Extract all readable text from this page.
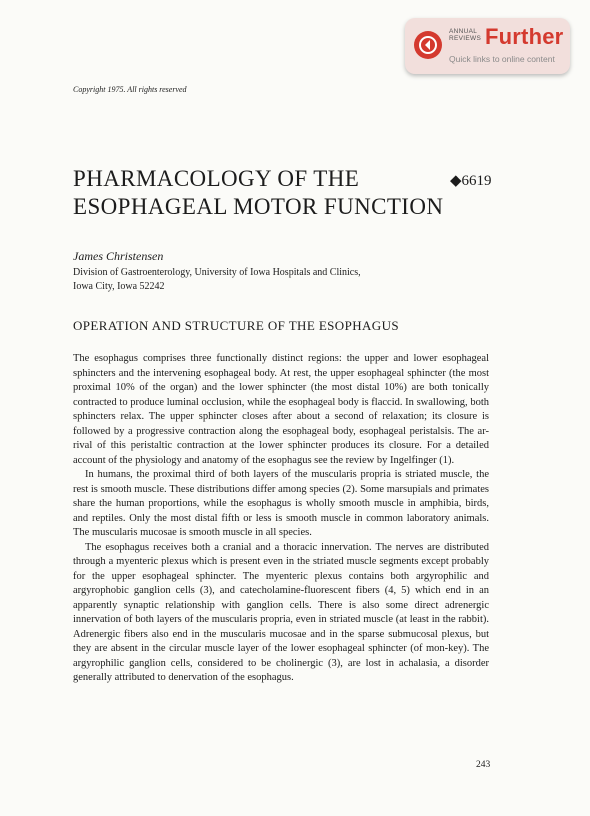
ANNUAL
REVIEWS Further
Quick links to online content
Copyright 1975. All rights reserved
PHARMACOLOGY OF THE
ESOPHAGEAL MOTOR FUNCTION
◆6619
James Christensen
Division of Gastroenterology, University of Iowa Hospitals and Clinics,
Iowa City, Iowa 52242
OPERATION AND STRUCTURE OF THE ESOPHAGUS

The esophagus comprises three functionally distinct regions: the upper and lower esophageal sphincters and the intervening esophageal body. At rest, the upper esophageal sphincter (the most proximal 10% of the organ) and the lower sphincter (the most distal 10%) are both tonically contracted to produce luminal occlusion, while the esophageal body is flaccid. In swallowing, both sphincters relax. The upper sphincter closes after about a second of relaxation; its closure is followed by a progressive contraction along the esophageal body, esophageal peristalsis. The ar-rival of this peristaltic contraction at the lower sphincter produces its closure. For a detailed account of the physiology and anatomy of the esophagus see the review by Ingelfinger (1).

In humans, the proximal third of both layers of the muscularis propria is striated muscle, the rest is smooth muscle. These distributions differ among species (2). Some marsupials and primates share the human proportions, while the esophagus is wholly smooth muscle in amphibia, birds, and reptiles. Only the most distal fifth or less is smooth muscle in common laboratory animals. The muscularis mucosae is smooth muscle in all species.

The esophagus receives both a cranial and a thoracic innervation. The nerves are distributed through a myenteric plexus which is present even in the striated muscle segments except probably for the upper esophageal sphincter. The myenteric plexus contains both argyrophilic and argyrophobic ganglion cells (3), and catecholamine-fluorescent fibers (4, 5) which end in an apparently synaptic relationship with ganglion cells. There is also some direct adrenergic innervation of both layers of the muscularis propria, even in striated muscle (at least in the rabbit). Adrenergic fibers also end in the muscularis mucosae and in the sparse submucosal plexus, but they are absent in the circular muscle layer of the lower esophageal sphincter (of mon-key). The argyrophilic ganglion cells, considered to be cholinergic (3), are lost in achalasia, a disorder generally attributed to denervation of the esophagus.

243
